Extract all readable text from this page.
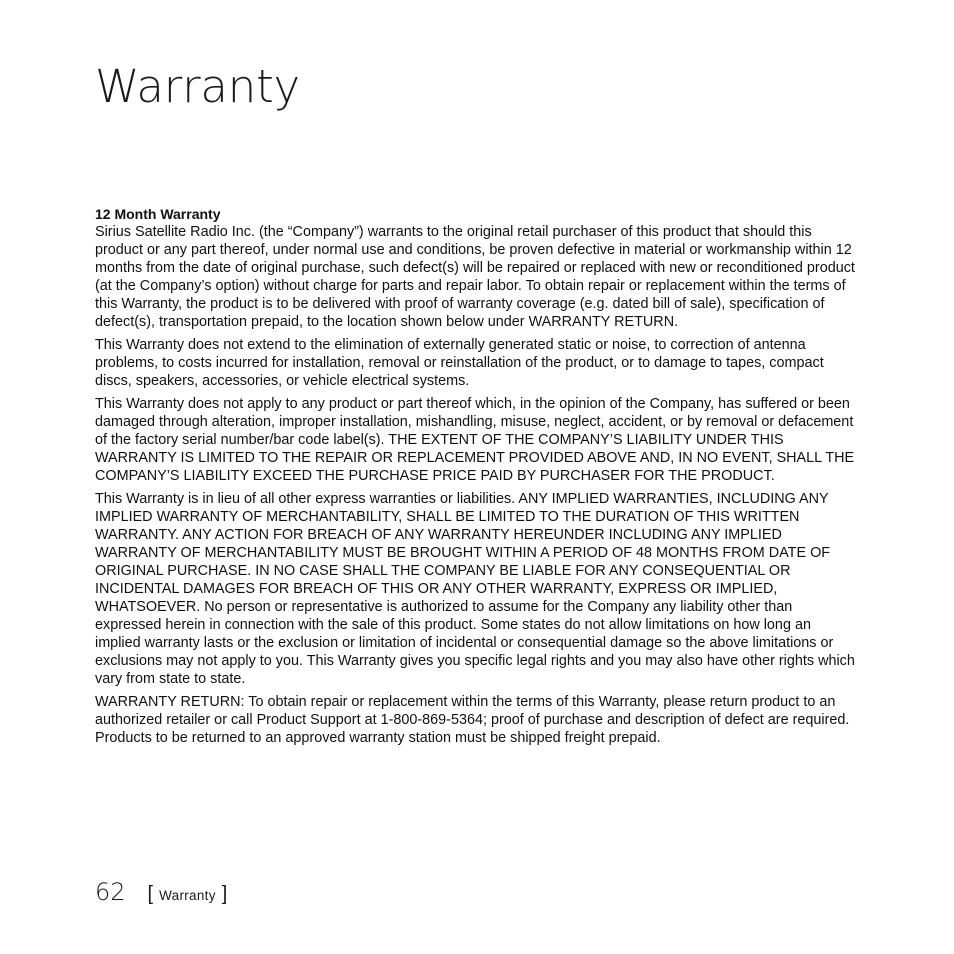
Warranty

12 Month Warranty

Sirius Satellite Radio Inc. (the “Company”) warrants to the original retail purchaser of this product that should this product or any part thereof, under normal use and conditions, be proven defective in material or workmanship within 12 months from the date of original purchase, such defect(s) will be repaired or replaced with new or reconditioned product (at the Company’s option) without charge for parts and repair labor. To obtain repair or replacement within the terms of this Warranty, the product is to be delivered with proof of warranty coverage (e.g. dated bill of sale), specification of defect(s), transportation prepaid, to the location shown below under WARRANTY RETURN.

This Warranty does not extend to the elimination of externally generated static or noise, to correction of antenna problems, to costs incurred for installation, removal or reinstallation of the product, or to damage to tapes, compact discs, speakers, accessories, or vehicle electrical systems.

This Warranty does not apply to any product or part thereof which, in the opinion of the Company, has suffered or been damaged through alteration, improper installation, mishandling, misuse, neglect, accident, or by removal or defacement of the factory serial number/bar code label(s). THE EXTENT OF THE COMPANY’S LIABILITY UNDER THIS WARRANTY IS LIMITED TO THE REPAIR OR REPLACEMENT PROVIDED ABOVE AND, IN NO EVENT, SHALL THE COMPANY’S LIABILITY EXCEED THE PURCHASE PRICE PAID BY PURCHASER FOR THE PRODUCT.

This Warranty is in lieu of all other express warranties or liabilities. ANY IMPLIED WARRANTIES, INCLUDING ANY IMPLIED WARRANTY OF MERCHANTABILITY, SHALL BE LIMITED TO THE DURATION OF THIS WRITTEN WARRANTY. ANY ACTION FOR BREACH OF ANY WARRANTY HEREUNDER INCLUDING ANY IMPLIED WARRANTY OF MERCHANTABILITY MUST BE BROUGHT WITHIN A PERIOD OF 48 MONTHS FROM DATE OF ORIGINAL PURCHASE. IN NO CASE SHALL THE COMPANY BE LIABLE FOR ANY CONSEQUENTIAL OR INCIDENTAL DAMAGES FOR BREACH OF THIS OR ANY OTHER WARRANTY, EXPRESS OR IMPLIED, WHATSOEVER. No person or representative is authorized to assume for the Company any liability other than expressed herein in connection with the sale of this product. Some states do not allow limitations on how long an implied warranty lasts or the exclusion or limitation of incidental or consequential damage so the above limitations or exclusions may not apply to you. This Warranty gives you specific legal rights and you may also have other rights which vary from state to state.

WARRANTY RETURN: To obtain repair or replacement within the terms of this Warranty, please return product to an authorized retailer or call Product Support at 1-800-869-5364; proof of purchase and description of defect are required. Products to be returned to an approved warranty station must be shipped freight prepaid.

62 [ Warranty ]
